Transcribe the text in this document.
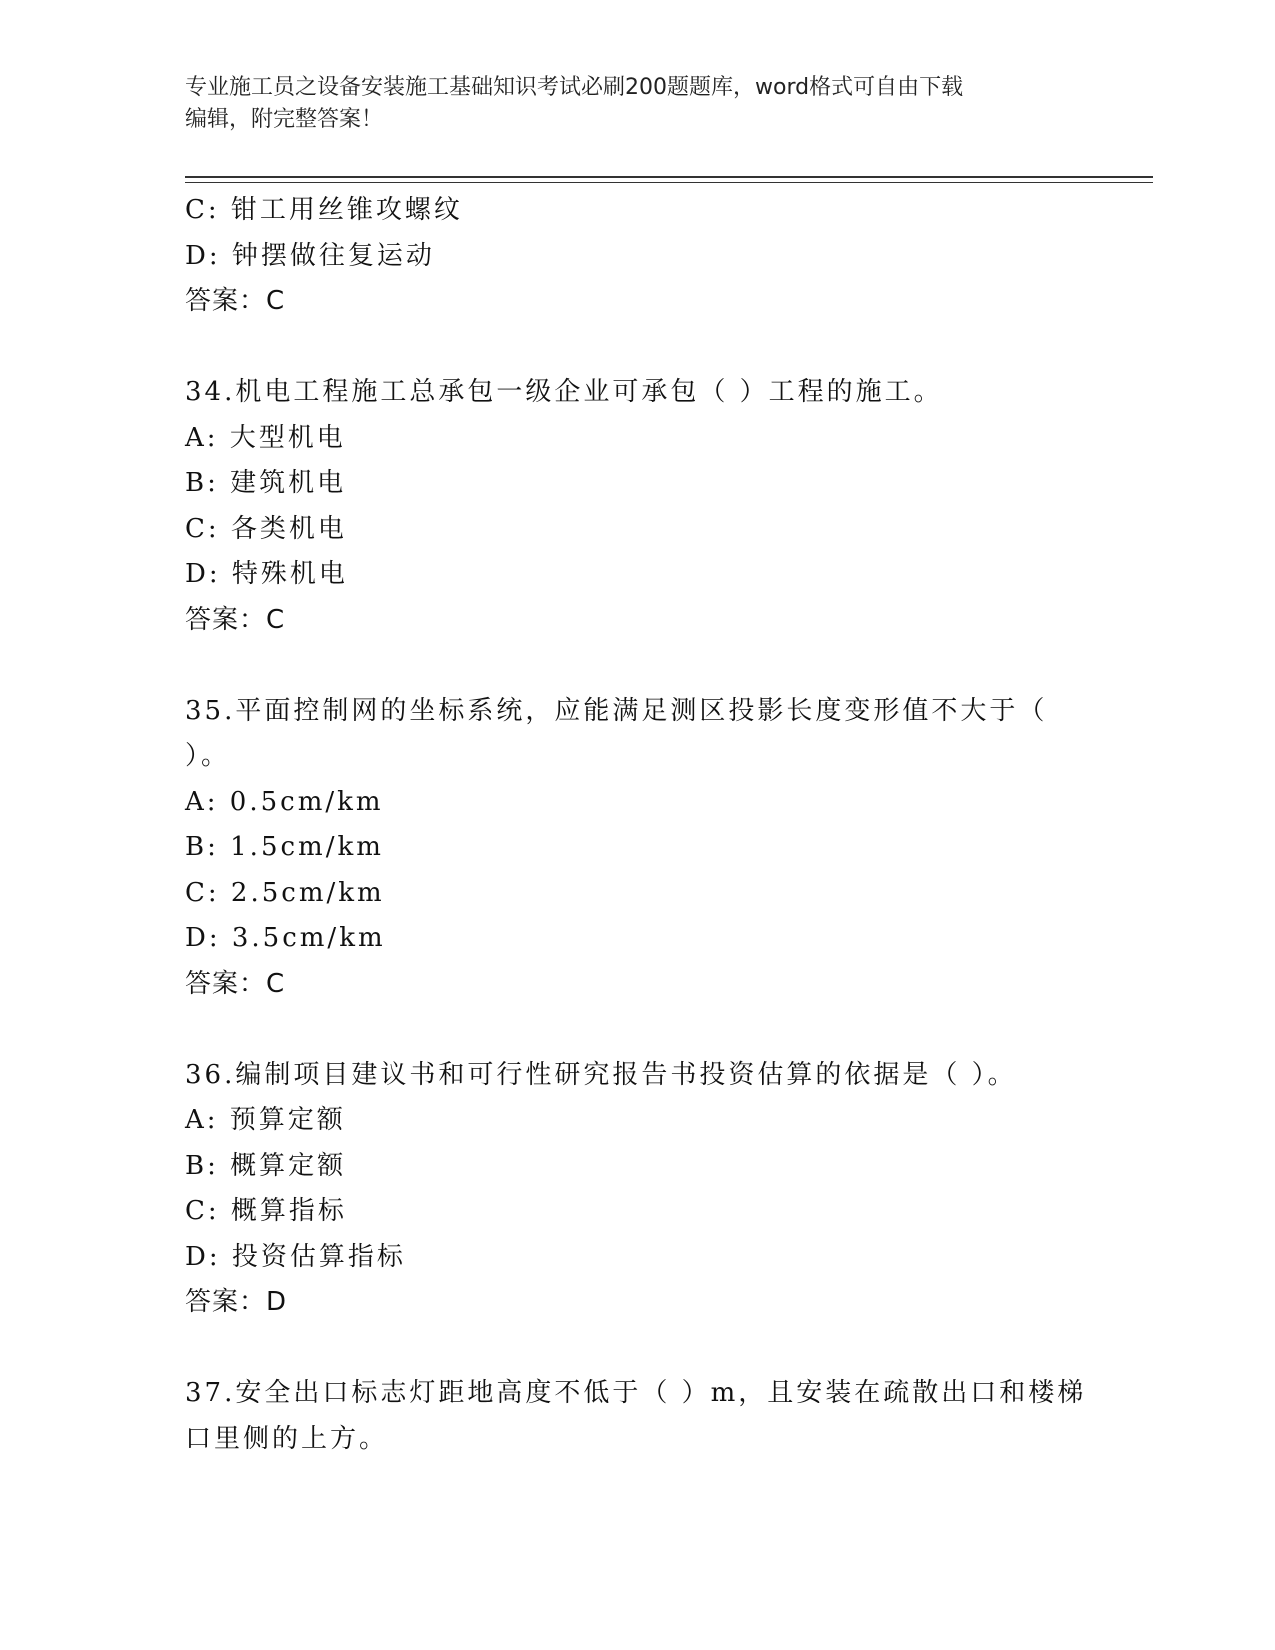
专业施工员之设备安装施工基础知识考试必刷200题题库，word格式可自由下载
编辑，附完整答案！
C: 钳工用丝锥攻螺纹
D: 钟摆做往复运动
答案：C
34.机电工程施工总承包一级企业可承包（ ）工程的施工。
A: 大型机电
B: 建筑机电
C: 各类机电
D: 特殊机电
答案：C
35.平面控制网的坐标系统，应能满足测区投影长度变形值不大于（
）。
A: 0.5cm/km
B: 1.5cm/km
C: 2.5cm/km
D: 3.5cm/km
答案：C
36.编制项目建议书和可行性研究报告书投资估算的依据是（ ）。
A: 预算定额
B: 概算定额
C: 概算指标
D: 投资估算指标
答案：D
37.安全出口标志灯距地高度不低于（ ）m，且安装在疏散出口和楼梯
口里侧的上方。
